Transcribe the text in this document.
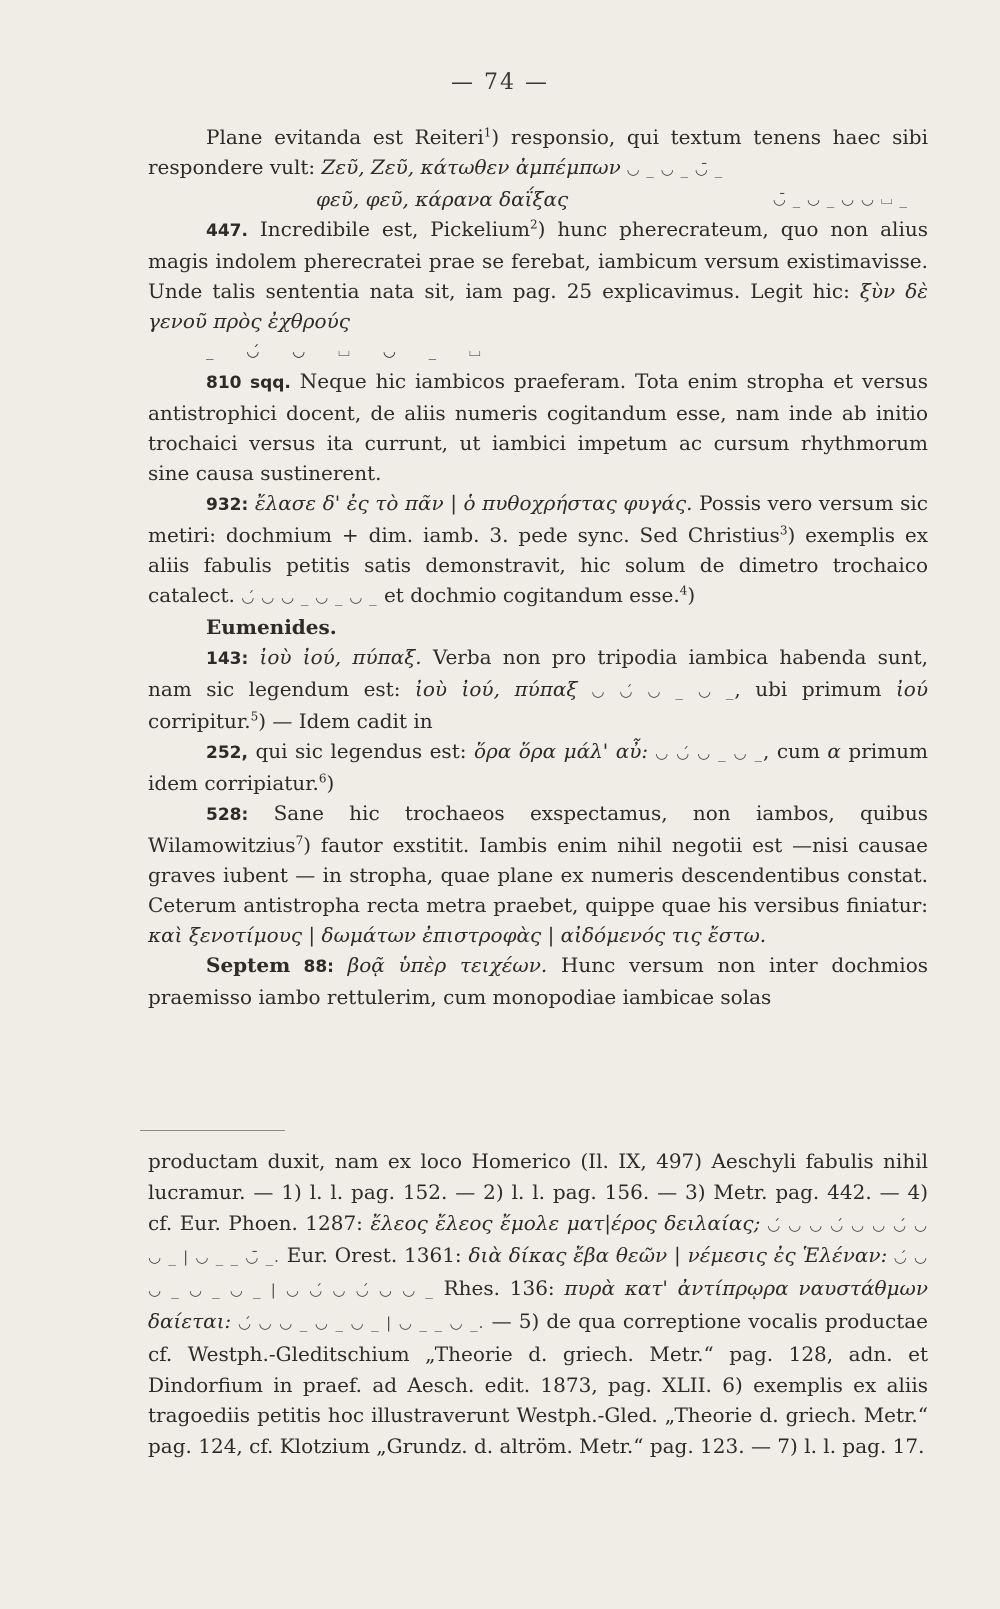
— 74 —

Plane evitanda est Reiteri$^1$) responsio, qui textum tenens haec sibi respondere vult: Ζεῦ, Ζεῦ, κάτωθεν ἀμπέμπων ◡ _ ◡ _ ◡̄ _

φεῦ, φεῦ, κάρανα δαΐξας	◡̄ _ ◡ _ ◡ ◡ ⌴ _

447. Incredibile est, Pickelium$^2$) hunc pherecrateum, quo non alius magis indolem pherecratei prae se ferebat, iambicum versum existimavisse. Unde talis sententia nata sit, iam pag. 25 explicavimus. Legit hic: ξὺν δὲ γενοῦ πρὸς ἐχθρούς

_ ◡́ ◡ ⌴ ◡ _ ⌴

810 sqq. Neque hic iambicos praeferam. Tota enim stropha et versus antistrophici docent, de aliis numeris cogitandum esse, nam inde ab initio trochaici versus ita currunt, ut iambici impetum ac cursum rhythmorum sine causa sustinerent.

932: ἔλασε δ' ἐς τὸ πᾶν | ὁ πυθοχρήστας φυγάς. Possis vero versum sic metiri: dochmium + dim. iamb. 3. pede sync. Sed Christius$^3$) exemplis ex aliis fabulis petitis satis demonstravit, hic solum de dimetro trochaico catalect. ◡́ ◡ ◡ _ ◡ _ ◡ _ et dochmio cogitandum esse.$^4$)

Eumenides.

143: ἰοὺ ἰού, πύπαξ. Verba non pro tripodia iambica habenda sunt, nam sic legendum est: ἰοὺ ἰού, πύπαξ ◡ ◡́ ◡ _ ◡ _, ubi primum ἰού corripitur.$^5$) — Idem cadit in

252, qui sic legendus est: ὅρα ὅρα μάλ' αὖ: ◡ ◡́ ◡ _ ◡ _, cum α primum idem corripiatur.$^6$)

528: Sane hic trochaeos exspectamus, non iambos, quibus Wilamowitzius$^7$) fautor exstitit. Iambis enim nihil negotii est —nisi causae graves iubent — in stropha, quae plane ex numeris descendentibus constat. Ceterum antistropha recta metra praebet, quippe quae his versibus finiatur: καὶ ξενοτίμους | δωμάτων ἐπιστροφὰς | αἰδόμενός τις ἔστω.

Septem 88: βοᾷ ὑπὲρ τειχέων. Hunc versum non inter dochmios praemisso iambo rettulerim, cum monopodiae iambicae solas

productam duxit, nam ex loco Homerico (Il. IX, 497) Aeschyli fabulis nihil lucramur. — 1) l. l. pag. 152. — 2) l. l. pag. 156. — 3) Metr. pag. 442. — 4) cf. Eur. Phoen. 1287: ἔλεος ἔλεος ἔμολε ματ|έρος δειλαίας; ◡́ ◡ ◡ ◡́ ◡ ◡ ◡́ ◡ ◡ _ | ◡ _ _ ◡̄ _. Eur. Orest. 1361: διὰ δίκας ἔβα θεῶν | νέμεσις ἐς Ἑλέναν: ◡́ ◡ ◡ _ ◡ _ ◡ _ | ◡ ◡́ ◡ ◡́ ◡ ◡ _ Rhes. 136: πυρὰ κατ' ἀντίπρῳρα ναυστάθμων δαίεται: ◡́ ◡ ◡ _ ◡ _ ◡ _ | ◡ _ _ ◡ _. — 5) de qua correptione vocalis productae cf. Westph.-Gleditschium „Theorie d. griech. Metr.“ pag. 128, adn. et Dindorfium in praef. ad Aesch. edit. 1873, pag. XLII. 6) exemplis ex aliis tragoediis petitis hoc illustraverunt Westph.-Gled. „Theorie d. griech. Metr.“ pag. 124, cf. Klotzium „Grundz. d. altröm. Metr.“ pag. 123. — 7) l. l. pag. 17.
